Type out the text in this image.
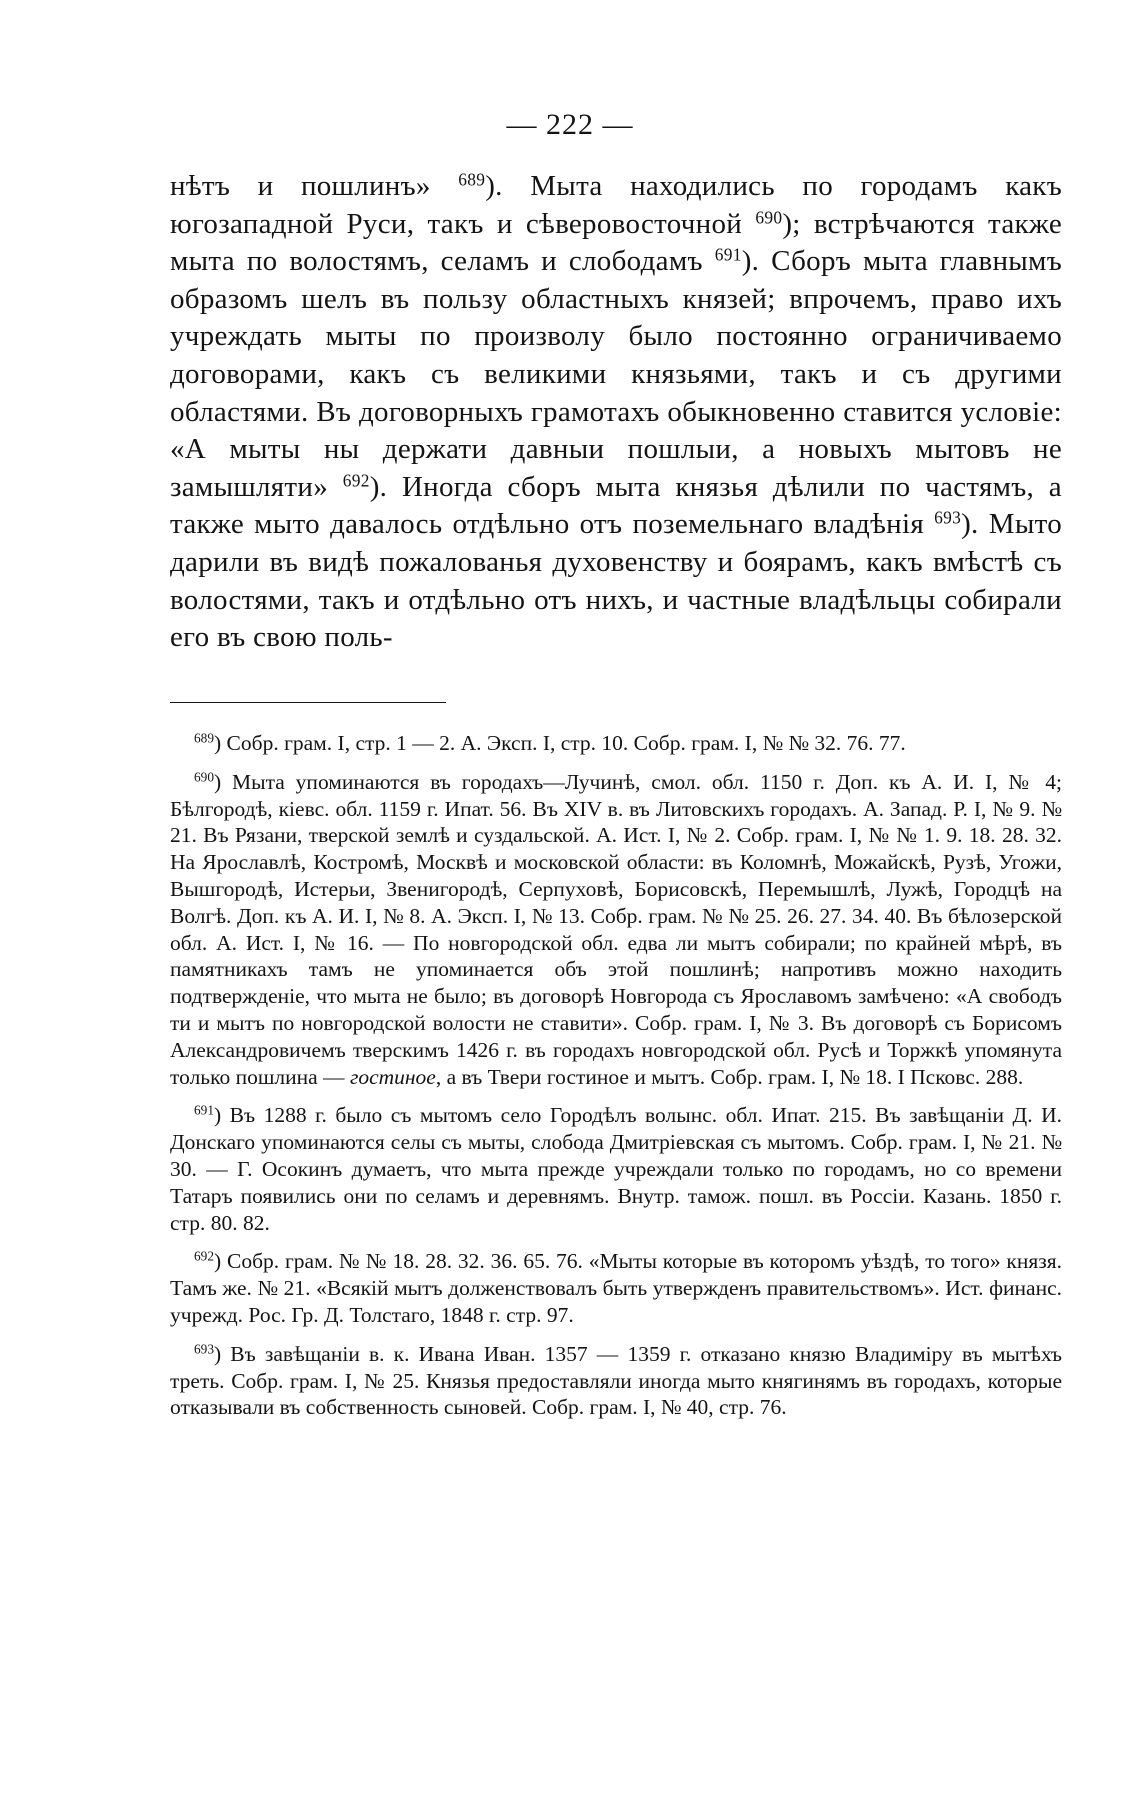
— 222 —

нѣтъ и пошлинъ» $^{689}$). Мыта находились по городамъ какъ югозападной Руси, такъ и сѣверовосточной $^{690}$); встрѣчаются также мыта по волостямъ, селамъ и слободамъ $^{691}$). Сборъ мыта главнымъ образомъ шелъ въ пользу областныхъ князей; впрочемъ, право ихъ учреждать мыты по произволу было постоянно ограничиваемо договорами, какъ съ великими князьями, такъ и съ другими областями. Въ договорныхъ грамотахъ обыкновенно ставится условіе: «А мыты ны держати давныи пошлыи, а новыхъ мытовъ не замышляти» $^{692}$). Иногда сборъ мыта князья дѣлили по частямъ, а также мыто давалось отдѣльно отъ поземельнаго владѣнія $^{693}$). Мыто дарили въ видѣ пожалованья духовенству и боярамъ, какъ вмѣстѣ съ волостями, такъ и отдѣльно отъ нихъ, и частные владѣльцы собирали его въ свою поль-

$^{689}$) Собр. грам. I, стр. 1 — 2. А. Эксп. I, стр. 10. Собр. грам. I, № № 32. 76. 77.

$^{690}$) Мыта упоминаются въ городахъ—Лучинѣ, смол. обл. 1150 г. Доп. къ А. И. I, № 4; Бѣлгородѣ, кіевс. обл. 1159 г. Ипат. 56. Въ XIV в. въ Литовскихъ городахъ. А. Запад. Р. I, № 9. № 21. Въ Рязани, тверской землѣ и суздальской. А. Ист. I, № 2. Собр. грам. I, № № 1. 9. 18. 28. 32. На Ярославлѣ, Костромѣ, Москвѣ и московской области: въ Коломнѣ, Можайскѣ, Рузѣ, Угожи, Вышгородѣ, Истерьи, Звенигородѣ, Серпуховѣ, Борисовскѣ, Перемышлѣ, Лужѣ, Городцѣ на Волгѣ. Доп. къ А. И. I, № 8. А. Эксп. I, № 13. Собр. грам. № № 25. 26. 27. 34. 40. Въ бѣлозерской обл. А. Ист. I, № 16. — По новгородской обл. едва ли мытъ собирали; по крайней мѣрѣ, въ памятникахъ тамъ не упоминается объ этой пошлинѣ; напротивъ можно находить подтвержденіе, что мыта не было; въ договорѣ Новгорода съ Ярославомъ замѣчено: «А свободъ ти и мытъ по новгородской волости не ставити». Собр. грам. I, № 3. Въ договорѣ съ Борисомъ Александровичемъ тверскимъ 1426 г. въ городахъ новгородской обл. Русѣ и Торжкѣ упомянута только пошлина — гостиное, а въ Твери гостиное и мытъ. Собр. грам. I, № 18. I Псковс. 288.

$^{691}$) Въ 1288 г. было съ мытомъ село Городѣлъ волынс. обл. Ипат. 215. Въ завѣщаніи Д. И. Донскаго упоминаются селы съ мыты, слобода Дмитріевская съ мытомъ. Собр. грам. I, № 21. № 30. — Г. Осокинъ думаетъ, что мыта прежде учреждали только по городамъ, но со времени Татаръ появились они по селамъ и деревнямъ. Внутр. тамож. пошл. въ Россіи. Казань. 1850 г. стр. 80. 82.

$^{692}$) Собр. грам. № № 18. 28. 32. 36. 65. 76. «Мыты которые въ которомъ уѣздѣ, то того» князя. Тамъ же. № 21. «Всякій мытъ долженствовалъ быть утвержденъ правительствомъ». Ист. финанс. учрежд. Рос. Гр. Д. Толстаго, 1848 г. стр. 97.

$^{693}$) Въ завѣщаніи в. к. Ивана Иван. 1357 — 1359 г. отказано князю Владиміру въ мытѣхъ треть. Собр. грам. I, № 25. Князья предоставляли иногда мыто княгинямъ въ городахъ, которые отказывали въ собственность сыновей. Собр. грам. I, № 40, стр. 76.
